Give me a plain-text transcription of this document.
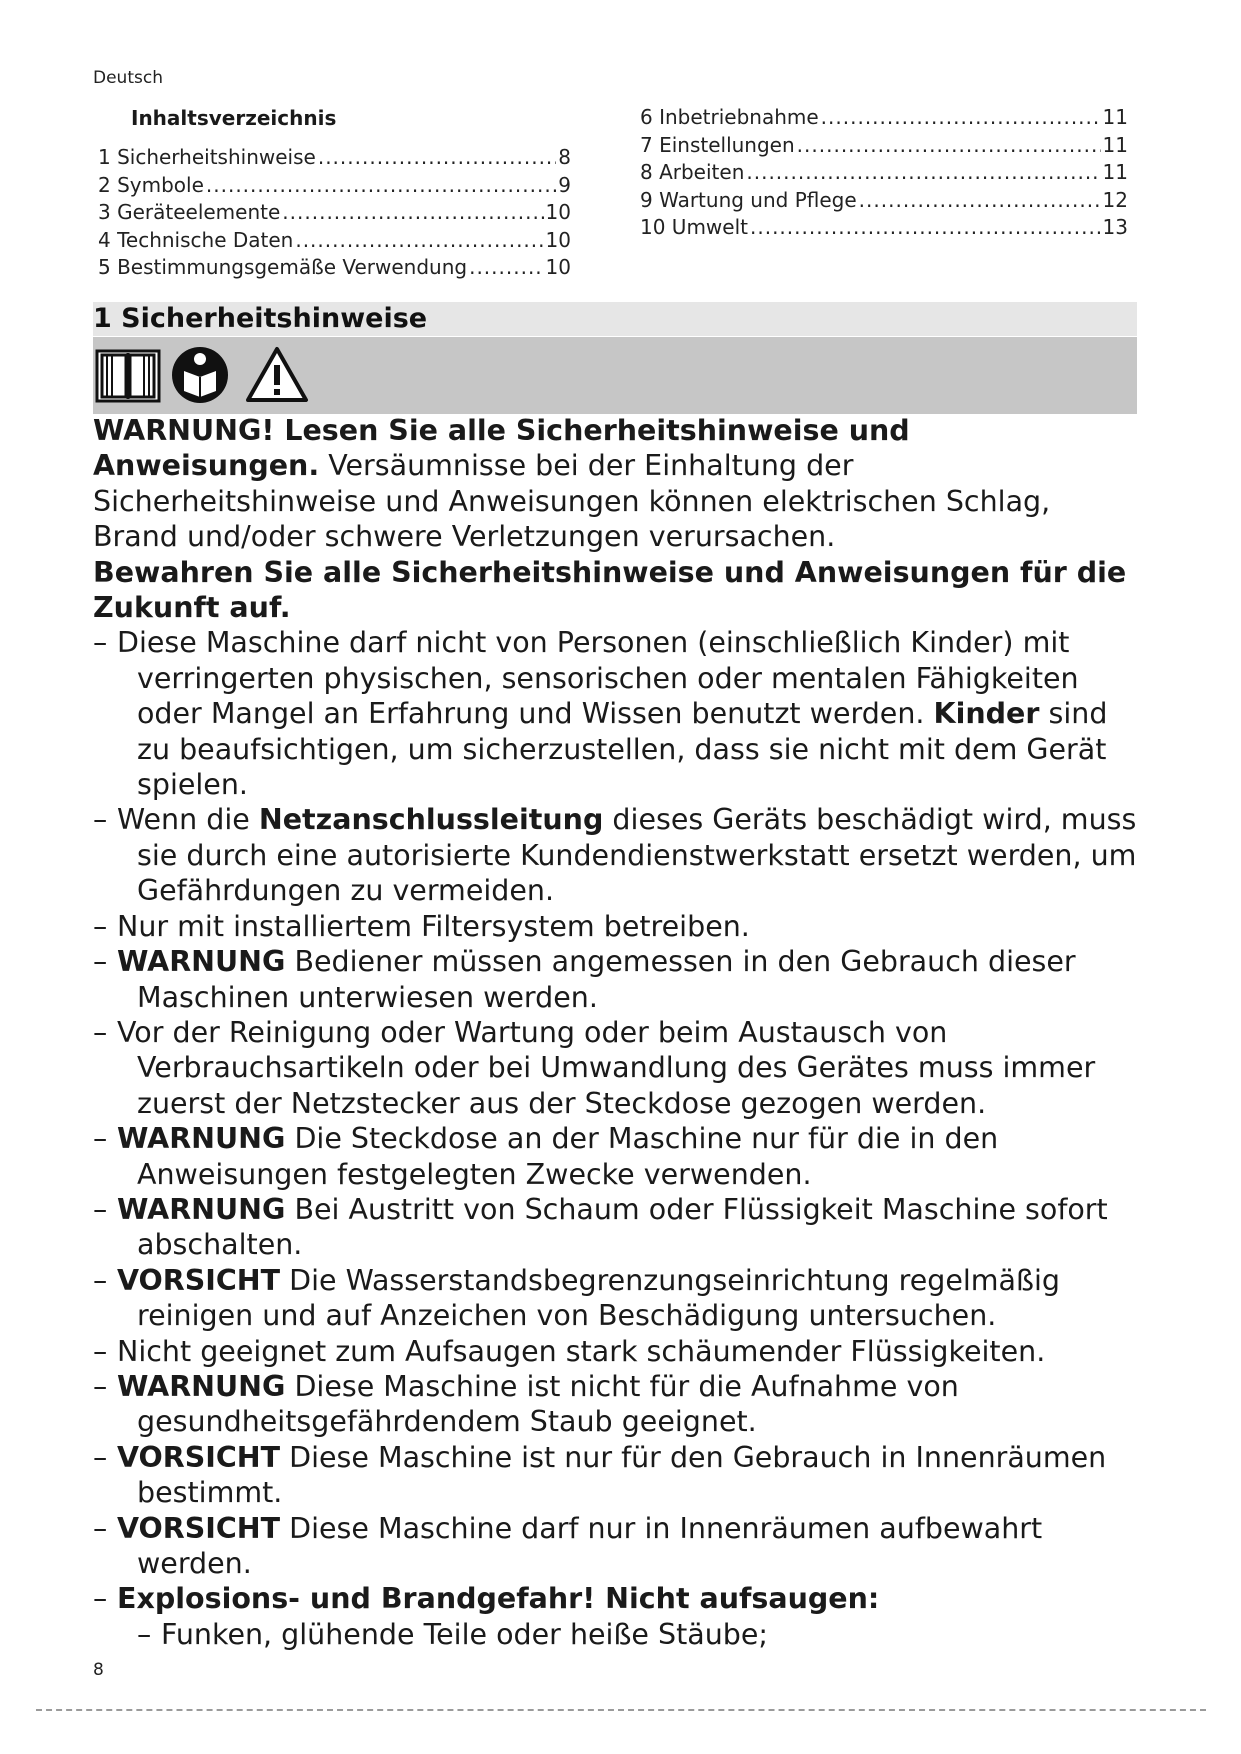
Deutsch
Inhaltsverzeichnis
1 Sicherheitshinweise .....	8
2 Symbole .....	9
3 Geräteelemente .....	10
4 Technische Daten .....	10
5 Bestimmungsgemäße Verwendung .....	10
6 Inbetriebnahme .....	11
7 Einstellungen .....	11
8 Arbeiten .....	11
9 Wartung und Pflege .....	12
10 Umwelt .....	13
1 Sicherheitshinweise

WARNUNG! Lesen Sie alle Sicherheitshinweise und Anweisungen. Versäumnisse bei der Einhaltung der Sicherheitshinweise und Anweisungen können elektrischen Schlag, Brand und/oder schwere Verletzungen verursachen.

Bewahren Sie alle Sicherheitshinweise und Anweisungen für die Zukunft auf.

– Diese Maschine darf nicht von Personen (einschließlich Kinder) mit verringerten physischen, sensorischen oder mentalen Fähigkeiten oder Mangel an Erfahrung und Wissen benutzt werden. Kinder sind zu beaufsichtigen, um sicherzustellen, dass sie nicht mit dem Gerät spielen.

– Wenn die Netzanschlussleitung dieses Geräts beschädigt wird, muss sie durch eine autorisierte Kundendienstwerkstatt ersetzt werden, um Gefährdungen zu vermeiden.

– Nur mit installiertem Filtersystem betreiben.

– WARNUNG Bediener müssen angemessen in den Gebrauch dieser Maschinen unterwiesen werden.

– Vor der Reinigung oder Wartung oder beim Austausch von Verbrauchsartikeln oder bei Umwandlung des Gerätes muss immer zuerst der Netzstecker aus der Steckdose gezogen werden.

– WARNUNG Die Steckdose an der Maschine nur für die in den Anweisungen festgelegten Zwecke verwenden.

– WARNUNG Bei Austritt von Schaum oder Flüssigkeit Maschine sofort abschalten.

– VORSICHT Die Wasserstandsbegrenzungseinrichtung regelmäßig reinigen und auf Anzeichen von Beschädigung untersuchen.

– Nicht geeignet zum Aufsaugen stark schäumender Flüssigkeiten.

– WARNUNG Diese Maschine ist nicht für die Aufnahme von gesundheitsgefährdendem Staub geeignet.

– VORSICHT Diese Maschine ist nur für den Gebrauch in Innenräumen bestimmt.

– VORSICHT Diese Maschine darf nur in Innenräumen aufbewahrt werden.

– Explosions- und Brandgefahr! Nicht aufsaugen:

– Funken, glühende Teile oder heiße Stäube;

8
